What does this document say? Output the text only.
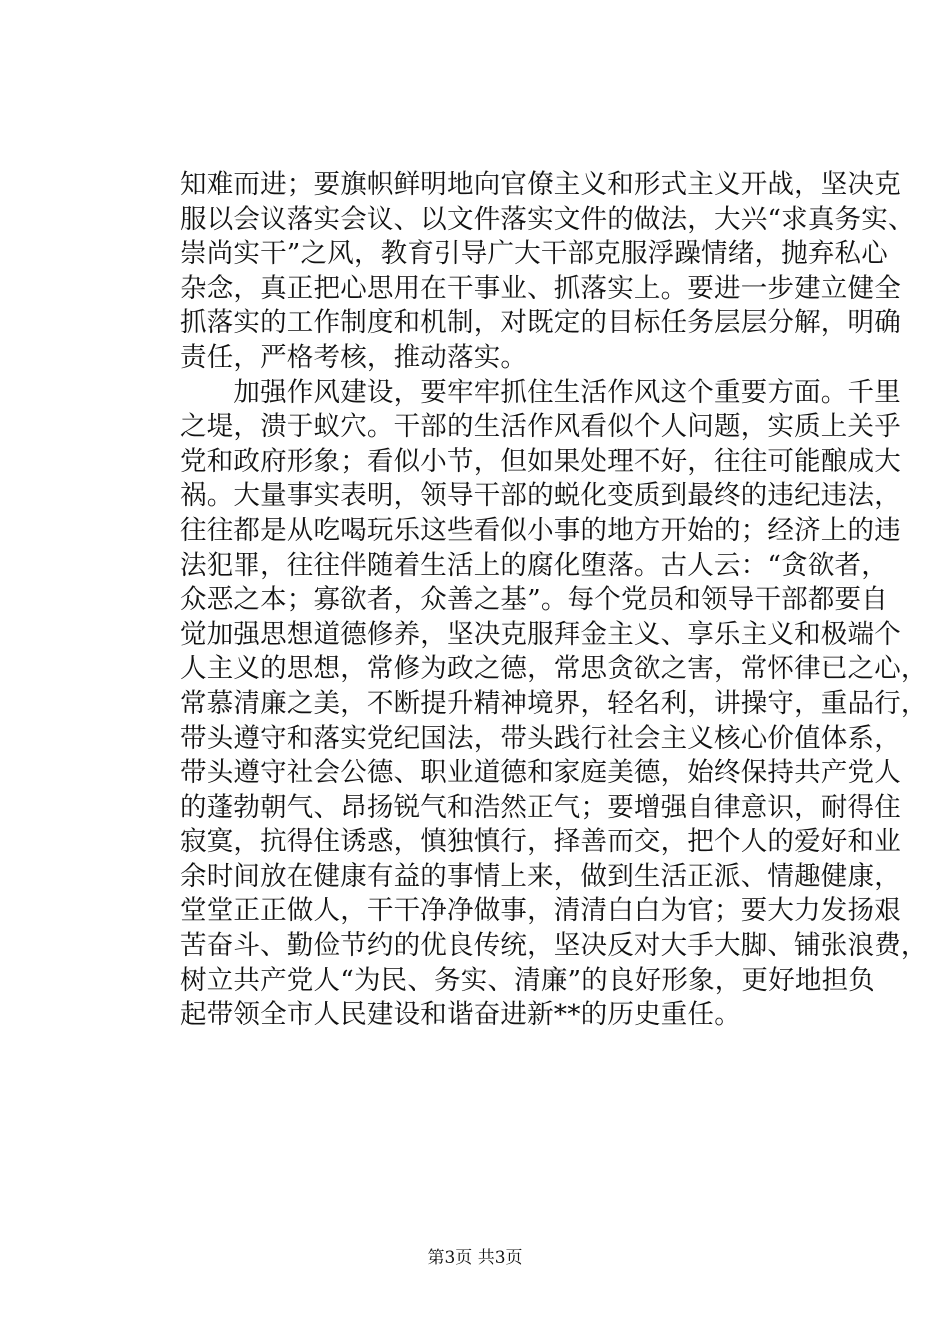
知难而进；要旗帜鲜明地向官僚主义和形式主义开战，坚决克
服以会议落实会议、以文件落实文件的做法，大兴“求真务实、
崇尚实干”之风，教育引导广大干部克服浮躁情绪，抛弃私心
杂念，真正把心思用在干事业、抓落实上。要进一步建立健全
抓落实的工作制度和机制，对既定的目标任务层层分解，明确
责任，严格考核，推动落实。
　　加强作风建设，要牢牢抓住生活作风这个重要方面。千里
之堤，溃于蚁穴。干部的生活作风看似个人问题，实质上关乎
党和政府形象；看似小节，但如果处理不好，往往可能酿成大
祸。大量事实表明，领导干部的蜕化变质到最终的违纪违法，
往往都是从吃喝玩乐这些看似小事的地方开始的；经济上的违
法犯罪，往往伴随着生活上的腐化堕落。古人云：“贪欲者，
众恶之本；寡欲者，众善之基”。每个党员和领导干部都要自
觉加强思想道德修养，坚决克服拜金主义、享乐主义和极端个
人主义的思想，常修为政之德，常思贪欲之害，常怀律已之心，
常慕清廉之美，不断提升精神境界，轻名利，讲操守，重品行，
带头遵守和落实党纪国法，带头践行社会主义核心价值体系，
带头遵守社会公德、职业道德和家庭美德，始终保持共产党人
的蓬勃朝气、昂扬锐气和浩然正气；要增强自律意识，耐得住
寂寞，抗得住诱惑，慎独慎行，择善而交，把个人的爱好和业
余时间放在健康有益的事情上来，做到生活正派、情趣健康，
堂堂正正做人，干干净净做事，清清白白为官；要大力发扬艰
苦奋斗、勤俭节约的优良传统，坚决反对大手大脚、铺张浪费，
树立共产党人“为民、务实、清廉”的良好形象，更好地担负
起带领全市人民建设和谐奋进新**的历史重任。
第3页 共3页
